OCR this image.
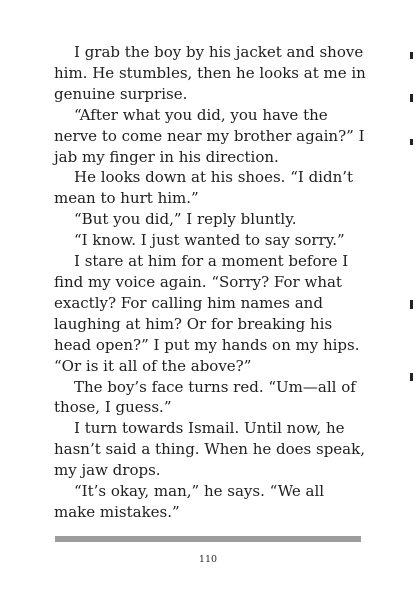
I grab the boy by his jacket and shove him. He stumbles, then he looks at me in genuine surprise.

“After what you did, you have the nerve to come near my brother again?” I jab my finger in his direction.

He looks down at his shoes. “I didn’t mean to hurt him.”

“But you did,” I reply bluntly.

“I know. I just wanted to say sorry.”

I stare at him for a moment before I find my voice again. “Sorry? For what exactly? For calling him names and laughing at him? Or for breaking his head open?” I put my hands on my hips. “Or is it all of the above?”

The boy’s face turns red. “Um—all of those, I guess.”

I turn towards Ismail. Until now, he hasn’t said a thing. When he does speak, my jaw drops.

“It’s okay, man,” he says. “We all make mistakes.”

110
